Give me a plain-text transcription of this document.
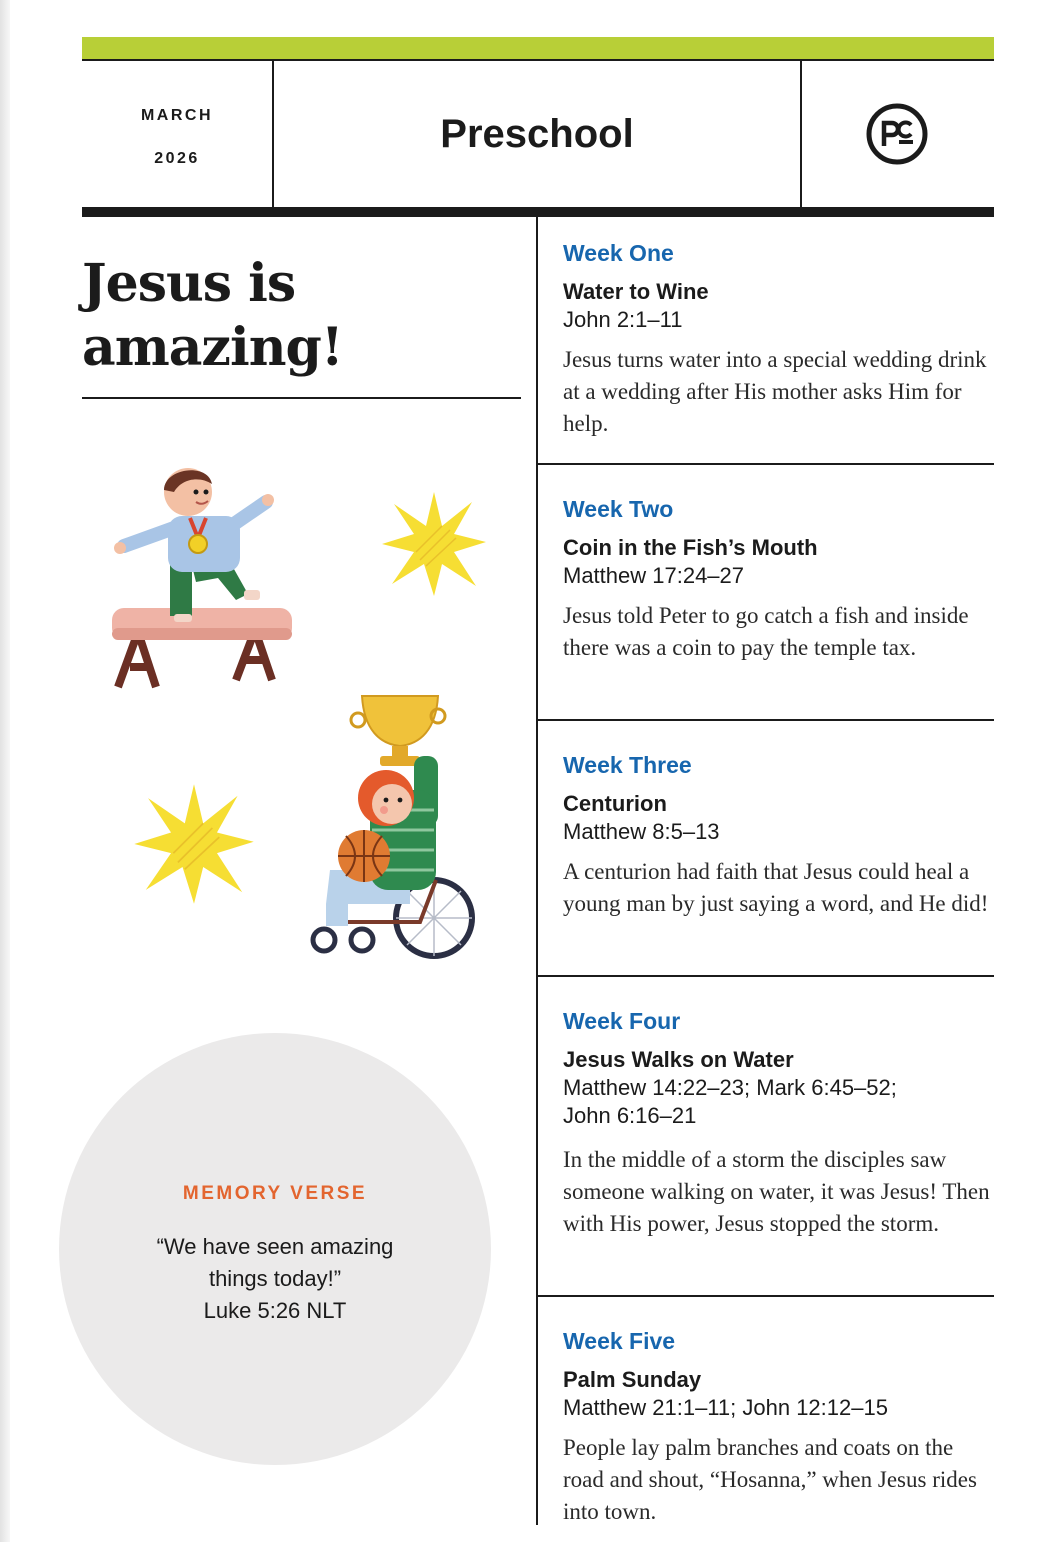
MARCH
2026
Preschool
Jesus is amazing!
MEMORY VERSE
“We have seen amazing things today!”
Luke 5:26 NLT
Week One
Water to Wine
John 2:1–11
Jesus turns water into a special wedding drink at a wedding after His mother asks Him for help.
Week Two
Coin in the Fish’s Mouth
Matthew 17:24–27
Jesus told Peter to go catch a fish and inside there was a coin to pay the temple tax.
Week Three
Centurion
Matthew 8:5–13
A centurion had faith that Jesus could heal a young man by just saying a word, and He did!
Week Four
Jesus Walks on Water
Matthew 14:22–23; Mark 6:45–52; John 6:16–21
In the middle of a storm the disciples saw someone walking on water, it was Jesus! Then with His power, Jesus stopped the storm.
Week Five
Palm Sunday
Matthew 21:1–11; John 12:12–15
People lay palm branches and coats on the road and shout, “Hosanna,” when Jesus rides into town.
